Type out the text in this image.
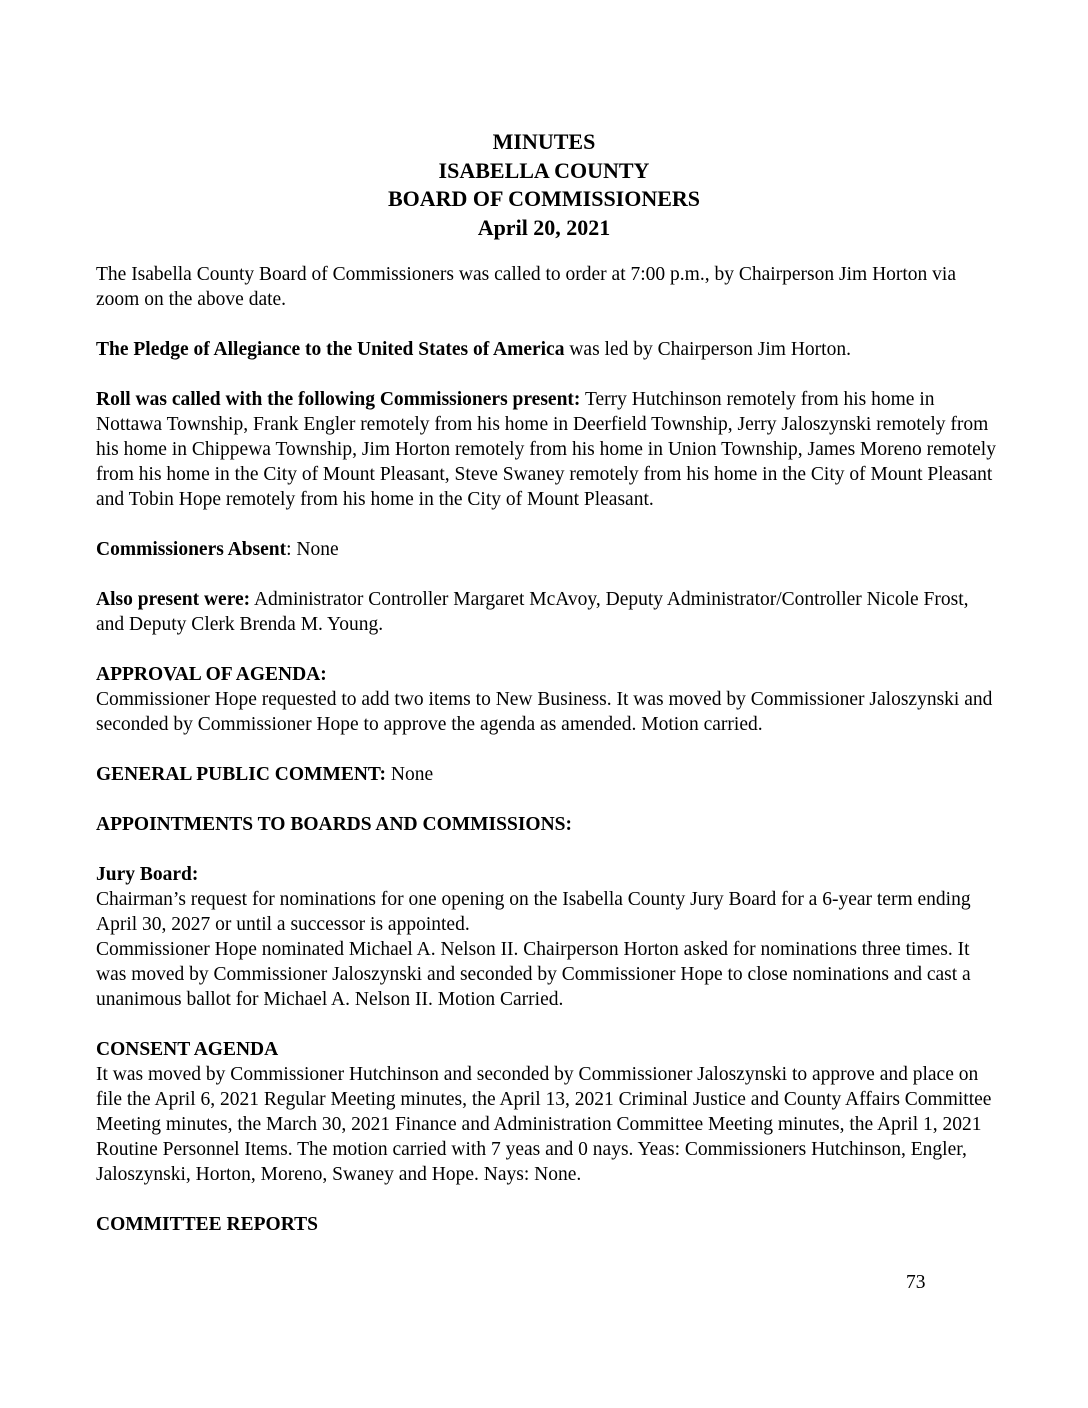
MINUTES
ISABELLA COUNTY
BOARD OF COMMISSIONERS
April 20, 2021

The Isabella County Board of Commissioners was called to order at 7:00 p.m., by Chairperson Jim Horton via zoom on the above date.

The Pledge of Allegiance to the United States of America was led by Chairperson Jim Horton.

Roll was called with the following Commissioners present: Terry Hutchinson remotely from his home in Nottawa Township, Frank Engler remotely from his home in Deerfield Township, Jerry Jaloszynski remotely from his home in Chippewa Township, Jim Horton remotely from his home in Union Township, James Moreno remotely from his home in the City of Mount Pleasant, Steve Swaney remotely from his home in the City of Mount Pleasant and Tobin Hope remotely from his home in the City of Mount Pleasant.

Commissioners Absent: None

Also present were: Administrator Controller Margaret McAvoy, Deputy Administrator/Controller Nicole Frost, and Deputy Clerk Brenda M. Young.

APPROVAL OF AGENDA:

Commissioner Hope requested to add two items to New Business. It was moved by Commissioner Jaloszynski and seconded by Commissioner Hope to approve the agenda as amended. Motion carried.

GENERAL PUBLIC COMMENT: None

APPOINTMENTS TO BOARDS AND COMMISSIONS:

Jury Board:

Chairman’s request for nominations for one opening on the Isabella County Jury Board for a 6-year term ending April 30, 2027 or until a successor is appointed.

Commissioner Hope nominated Michael A. Nelson II. Chairperson Horton asked for nominations three times. It was moved by Commissioner Jaloszynski and seconded by Commissioner Hope to close nominations and cast a unanimous ballot for Michael A. Nelson II. Motion Carried.

CONSENT AGENDA

It was moved by Commissioner Hutchinson and seconded by Commissioner Jaloszynski to approve and place on file the April 6, 2021 Regular Meeting minutes, the April 13, 2021 Criminal Justice and County Affairs Committee Meeting minutes, the March 30, 2021 Finance and Administration Committee Meeting minutes, the April 1, 2021 Routine Personnel Items. The motion carried with 7 yeas and 0 nays. Yeas: Commissioners Hutchinson, Engler, Jaloszynski, Horton, Moreno, Swaney and Hope. Nays: None.

COMMITTEE REPORTS

73
